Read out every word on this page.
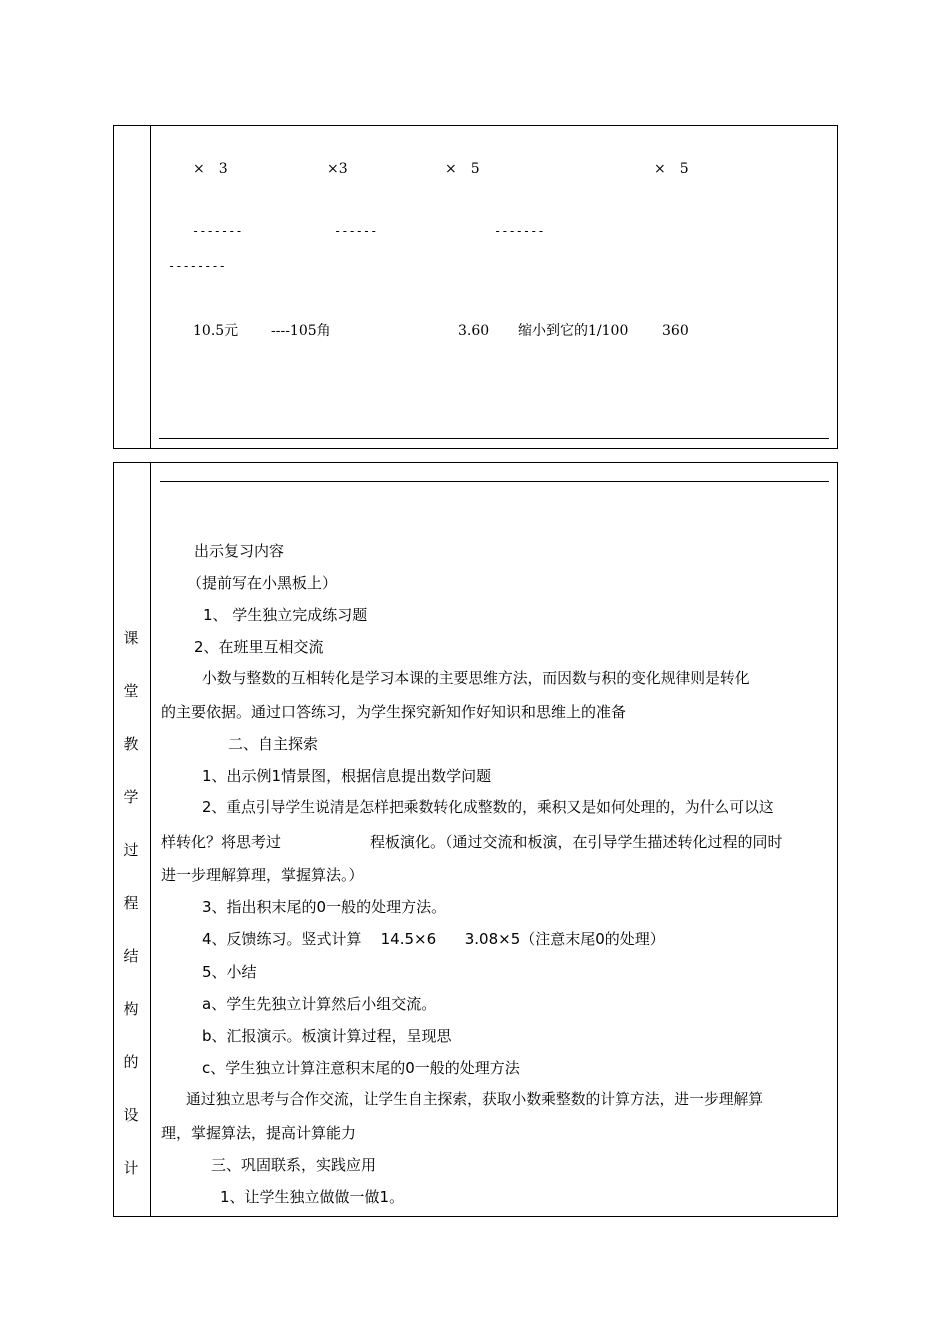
×　3	×3	×　5	×　5
-------	------	-------
--------
10.5元 ----105角	3.60 缩小到它的1/100 360
课
堂
教
学
过
程
结
构
的
设
计
出示复习内容
（提前写在小黑板上）
1、 学生独立完成练习题
2、在班里互相交流
小数与整数的互相转化是学习本课的主要思维方法，而因数与积的变化规律则是转化
的主要依据。通过口答练习，为学生探究新知作好知识和思维上的准备
二、自主探索
1、出示例1情景图，根据信息提出数学问题
2、重点引导学生说清是怎样把乘数转化成整数的，乘积又是如何处理的，为什么可以这
样转化？将思考过	程板演化。（通过交流和板演，在引导学生描述转化过程的同时
进一步理解算理，掌握算法。）
3、指出积末尾的0一般的处理方法。
4、反馈练习。竖式计算    14.5×6      3.08×5（注意末尾0的处理）
5、小结
a、学生先独立计算然后小组交流。
b、汇报演示。板演计算过程，呈现思
c、学生独立计算注意积末尾的0一般的处理方法
通过独立思考与合作交流，让学生自主探索，获取小数乘整数的计算方法，进一步理解算
理，掌握算法，提高计算能力
三、巩固联系，实践应用
1、让学生独立做做一做1。
